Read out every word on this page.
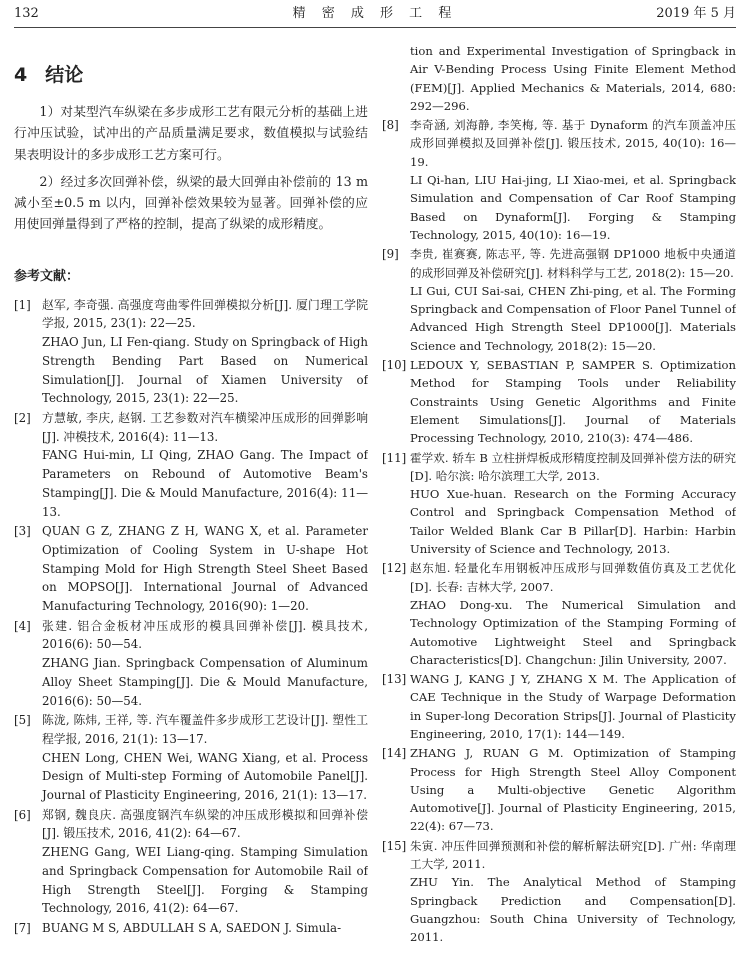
132	精 密 成 形 工 程	2019 年 5 月
4 结论

1）对某型汽车纵梁在多步成形工艺有限元分析的基础上进行冲压试验，试冲出的产品质量满足要求，数值模拟与试验结果表明设计的多步成形工艺方案可行。

2）经过多次回弹补偿，纵梁的最大回弹由补偿前的 13 m 减小至±0.5 m 以内，回弹补偿效果较为显著。回弹补偿的应用使回弹量得到了严格的控制，提高了纵梁的成形精度。

参考文献：
[1] 赵军, 李奇强. 高强度弯曲零件回弹模拟分析[J]. 厦门理工学院学报, 2015, 23(1): 22—25.
ZHAO Jun, LI Fen-qiang. Study on Springback of High Strength Bending Part Based on Numerical Simulation[J]. Journal of Xiamen University of Technology, 2015, 23(1): 22—25.
[2] 方慧敏, 李庆, 赵钢. 工艺参数对汽车横梁冲压成形的回弹影响[J]. 冲模技术, 2016(4): 11—13.
FANG Hui-min, LI Qing, ZHAO Gang. The Impact of Parameters on Rebound of Automotive Beam's Stamping[J]. Die & Mould Manufacture, 2016(4): 11—13.
[3] QUAN G Z, ZHANG Z H, WANG X, et al. Parameter Optimization of Cooling System in U-shape Hot Stamping Mold for High Strength Steel Sheet Based on MOPSO[J]. International Journal of Advanced Manufacturing Technology, 2016(90): 1—20.
[4] 张建. 铝合金板材冲压成形的模具回弹补偿[J]. 模具技术, 2016(6): 50—54.
ZHANG Jian. Springback Compensation of Aluminum Alloy Sheet Stamping[J]. Die & Mould Manufacture, 2016(6): 50—54.
[5] 陈泷, 陈炜, 王祥, 等. 汽车覆盖件多步成形工艺设计[J]. 塑性工程学报, 2016, 21(1): 13—17.
CHEN Long, CHEN Wei, WANG Xiang, et al. Process Design of Multi-step Forming of Automobile Panel[J]. Journal of Plasticity Engineering, 2016, 21(1): 13—17.
[6] 郑钢, 魏良庆. 高强度钢汽车纵梁的冲压成形模拟和回弹补偿[J]. 锻压技术, 2016, 41(2): 64—67.
ZHENG Gang, WEI Liang-qing. Stamping Simulation and Springback Compensation for Automobile Rail of High Strength Steel[J]. Forging & Stamping Technology, 2016, 41(2): 64—67.
[7] BUANG M S, ABDULLAH S A, SAEDON J. Simula-
tion and Experimental Investigation of Springback in Air V-Bending Process Using Finite Element Method (FEM)[J]. Applied Mechanics & Materials, 2014, 680: 292—296.
[8] 李奇涵, 刘海静, 李笑梅, 等. 基于 Dynaform 的汽车顶盖冲压成形回弹模拟及回弹补偿[J]. 锻压技术, 2015, 40(10): 16—19.
LI Qi-han, LIU Hai-jing, LI Xiao-mei, et al. Springback Simulation and Compensation of Car Roof Stamping Based on Dynaform[J]. Forging & Stamping Technology, 2015, 40(10): 16—19.
[9] 李贵, 崔赛赛, 陈志平, 等. 先进高强钢 DP1000 地板中央通道的成形回弹及补偿研究[J]. 材料科学与工艺, 2018(2): 15—20.
LI Gui, CUI Sai-sai, CHEN Zhi-ping, et al. The Forming Springback and Compensation of Floor Panel Tunnel of Advanced High Strength Steel DP1000[J]. Materials Science and Technology, 2018(2): 15—20.
[10] LEDOUX Y, SEBASTIAN P, SAMPER S. Optimization Method for Stamping Tools under Reliability Constraints Using Genetic Algorithms and Finite Element Simulations[J]. Journal of Materials Processing Technology, 2010, 210(3): 474—486.
[11] 霍学欢. 轿车 B 立柱拼焊板成形精度控制及回弹补偿方法的研究[D]. 哈尔滨: 哈尔滨理工大学, 2013.
HUO Xue-huan. Research on the Forming Accuracy Control and Springback Compensation Method of Tailor Welded Blank Car B Pillar[D]. Harbin: Harbin University of Science and Technology, 2013.
[12] 赵东旭. 轻量化车用钢板冲压成形与回弹数值仿真及工艺优化[D]. 长春: 吉林大学, 2007.
ZHAO Dong-xu. The Numerical Simulation and Technology Optimization of the Stamping Forming of Automotive Lightweight Steel and Springback Characteristics[D]. Changchun: Jilin University, 2007.
[13] WANG J, KANG J Y, ZHANG X M. The Application of CAE Technique in the Study of Warpage Deformation in Super-long Decoration Strips[J]. Journal of Plasticity Engineering, 2010, 17(1): 144—149.
[14] ZHANG J, RUAN G M. Optimization of Stamping Process for High Strength Steel Alloy Component Using a Multi-objective Genetic Algorithm Automotive[J]. Journal of Plasticity Engineering, 2015, 22(4): 67—73.
[15] 朱寅. 冲压件回弹预测和补偿的解析解法研究[D]. 广州: 华南理工大学, 2011.
ZHU Yin. The Analytical Method of Stamping Springback Prediction and Compensation[D]. Guangzhou: South China University of Technology, 2011.
